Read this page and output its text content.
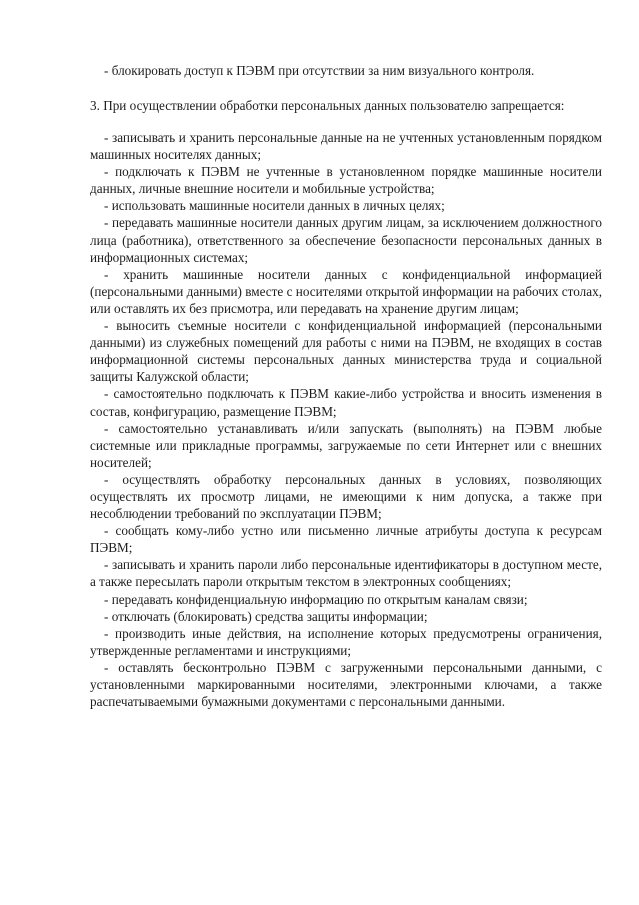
- блокировать доступ к ПЭВМ при отсутствии за ним визуального контроля.
3. При осуществлении обработки персональных данных пользователю запрещается:
- записывать и хранить персональные данные на не учтенных установленным порядком машинных носителях данных;
- подключать к ПЭВМ не учтенные в установленном порядке машинные носители данных, личные внешние носители и мобильные устройства;
- использовать машинные носители данных в личных целях;
- передавать машинные носители данных другим лицам, за исключением должностного лица (работника), ответственного за обеспечение безопасности персональных данных в информационных системах;
- хранить машинные носители данных с конфиденциальной информацией (персональными данными) вместе с носителями открытой информации на рабочих столах, или оставлять их без присмотра, или передавать на хранение другим лицам;
- выносить съемные носители с конфиденциальной информацией (персональными данными) из служебных помещений для работы с ними на ПЭВМ, не входящих в состав информационной системы персональных данных министерства труда и социальной защиты Калужской области;
- самостоятельно подключать к ПЭВМ какие-либо устройства и вносить изменения в состав, конфигурацию, размещение ПЭВМ;
- самостоятельно устанавливать и/или запускать (выполнять) на ПЭВМ любые системные или прикладные программы, загружаемые по сети Интернет или с внешних носителей;
- осуществлять обработку персональных данных в условиях, позволяющих осуществлять их просмотр лицами, не имеющими к ним допуска, а также при несоблюдении требований по эксплуатации ПЭВМ;
- сообщать кому-либо устно или письменно личные атрибуты доступа к ресурсам ПЭВМ;
- записывать и хранить пароли либо персональные идентификаторы в доступном месте, а также пересылать пароли открытым текстом в электронных сообщениях;
- передавать конфиденциальную информацию по открытым каналам связи;
- отключать (блокировать) средства защиты информации;
- производить иные действия, на исполнение которых предусмотрены ограничения, утвержденные регламентами и инструкциями;
- оставлять бесконтрольно ПЭВМ с загруженными персональными данными, с установленными маркированными носителями, электронными ключами, а также распечатываемыми бумажными документами с персональными данными.
